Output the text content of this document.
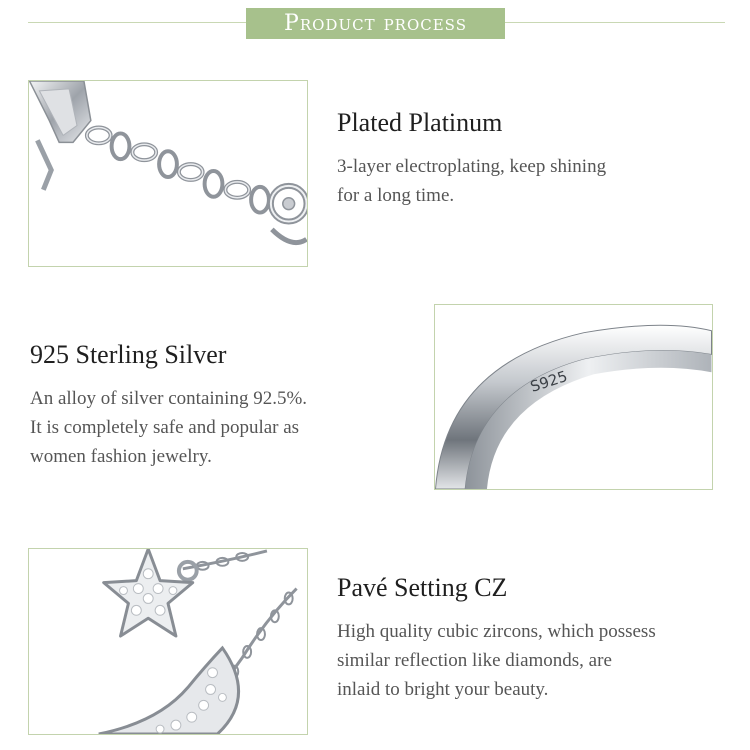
Product process
Plated Platinum
3-layer electroplating, keep shining
for a long time.
925 Sterling Silver
An alloy of silver containing 92.5%.
It is completely safe and popular as
women fashion jewelry.
S925
Pavé Setting CZ
High quality cubic zircons, which possess
similar reflection like diamonds, are
inlaid to bright your beauty.
